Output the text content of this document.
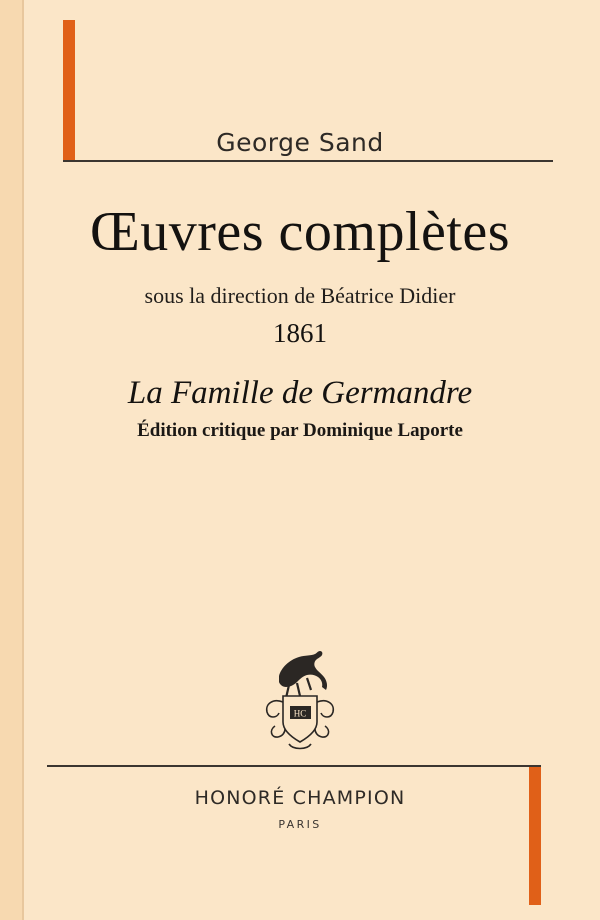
George Sand
Œuvres complètes
sous la direction de Béatrice Didier
1861
La Famille de Germandre
Édition critique par Dominique Laporte
HC
HONORÉ CHAMPION
PARIS
